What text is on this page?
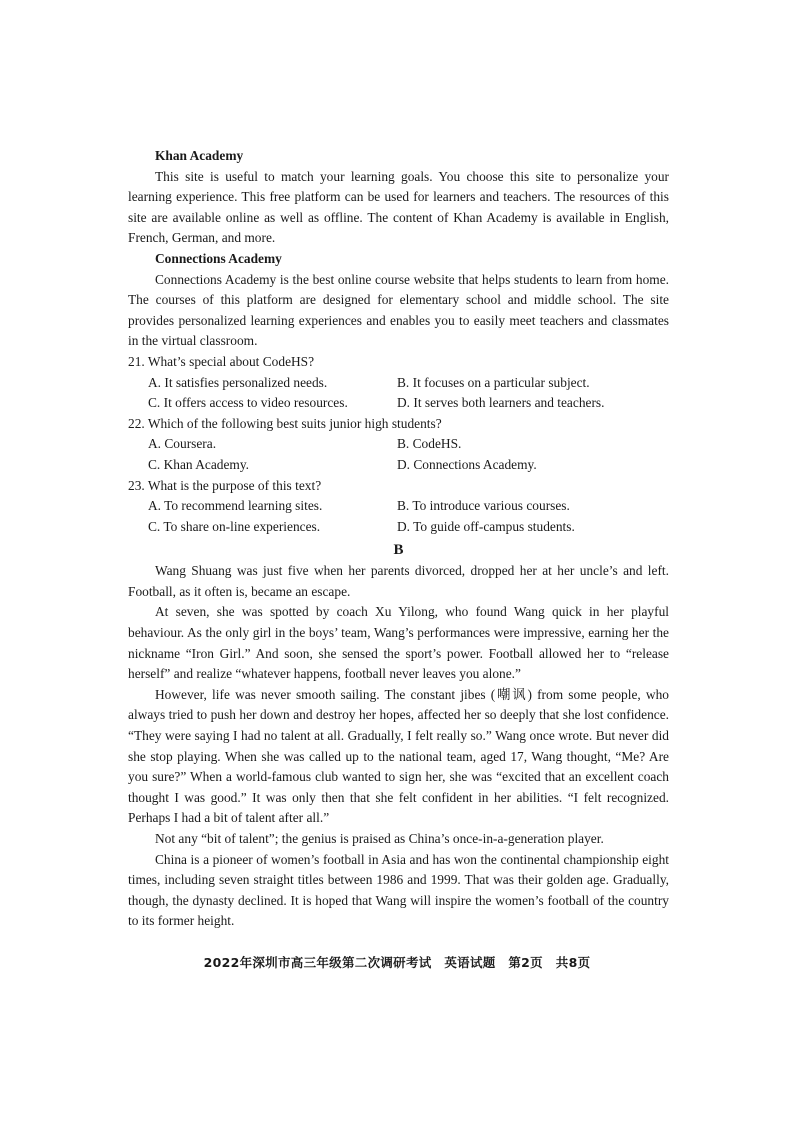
Khan Academy

This site is useful to match your learning goals. You choose this site to personalize your learning experience. This free platform can be used for learners and teachers. The resources of this site are available online as well as offline. The content of Khan Academy is available in English, French, German, and more.

Connections Academy

Connections Academy is the best online course website that helps students to learn from home. The courses of this platform are designed for elementary school and middle school. The site provides personalized learning experiences and enables you to easily meet teachers and classmates in the virtual classroom.

21. What’s special about CodeHS?
A. It satisfies personalized needs.	B. It focuses on a particular subject.
C. It offers access to video resources.	D. It serves both learners and teachers.
22. Which of the following best suits junior high students?
A. Coursera.	B. CodeHS.
C. Khan Academy.	D. Connections Academy.
23. What is the purpose of this text?
A. To recommend learning sites.	B. To introduce various courses.
C. To share on-line experiences.	D. To guide off-campus students.
B

Wang Shuang was just five when her parents divorced, dropped her at her uncle’s and left. Football, as it often is, became an escape.

At seven, she was spotted by coach Xu Yilong, who found Wang quick in her playful behaviour. As the only girl in the boys’ team, Wang’s performances were impressive, earning her the nickname “Iron Girl.” And soon, she sensed the sport’s power. Football allowed her to “release herself” and realize “whatever happens, football never leaves you alone.”

However, life was never smooth sailing. The constant jibes (嘲讽) from some people, who always tried to push her down and destroy her hopes, affected her so deeply that she lost confidence. “They were saying I had no talent at all. Gradually, I felt really so.” Wang once wrote. But never did she stop playing. When she was called up to the national team, aged 17, Wang thought, “Me? Are you sure?” When a world-famous club wanted to sign her, she was “excited that an excellent coach thought I was good.” It was only then that she felt confident in her abilities. “I felt recognized. Perhaps I had a bit of talent after all.”

Not any “bit of talent”; the genius is praised as China’s once-in-a-generation player.

China is a pioneer of women’s football in Asia and has won the continental championship eight times, including seven straight titles between 1986 and 1999. That was their golden age. Gradually, though, the dynasty declined. It is hoped that Wang will inspire the women’s football of the country to its former height.

2022年深圳市高三年级第二次调研考试　英语试题　第2页　共8页
